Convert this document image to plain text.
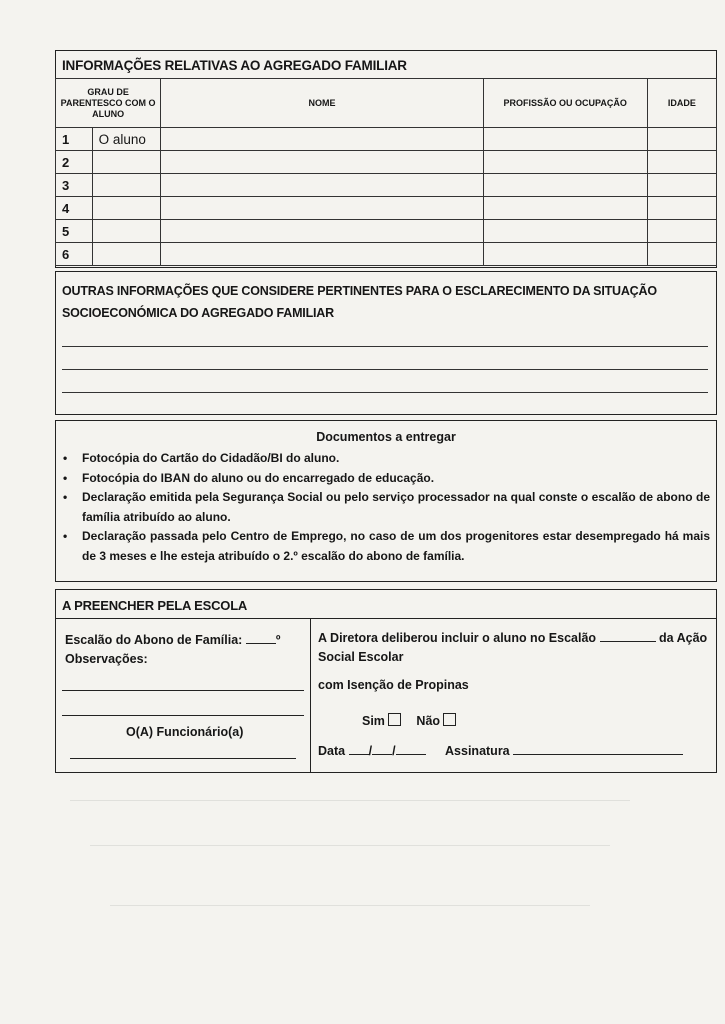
INFORMAÇÕES RELATIVAS AO AGREGADO FAMILIAR
GRAU DE PARENTESCO COM O ALUNO		NOME	PROFISSÃO OU OCUPAÇÃO	IDADE
1	O aluno			
2				
3				
4				
5				
6				
OUTRAS INFORMAÇÕES QUE CONSIDERE PERTINENTES PARA O ESCLARECIMENTO DA SITUAÇÃO SOCIOECONÓMICA DO AGREGADO FAMILIAR
Documentos a entregar
• Fotocópia do Cartão do Cidadão/BI do aluno.
• Fotocópia do IBAN do aluno ou do encarregado de educação.
• Declaração emitida pela Segurança Social ou pelo serviço processador na qual conste o escalão de abono de família atribuído ao aluno.
• Declaração passada pelo Centro de Emprego, no caso de um dos progenitores estar desempregado há mais de 3 meses e lhe esteja atribuído o 2.º escalão do abono de família.
A PREENCHER PELA ESCOLA
Escalão do Abono de Família:	º
Observações:
O(A) Funcionário(a)
A Diretora deliberou incluir o aluno no Escalão	da Ação
Social Escolar
com Isenção de Propinas
Sim	Não
Data / /	Assinatura
